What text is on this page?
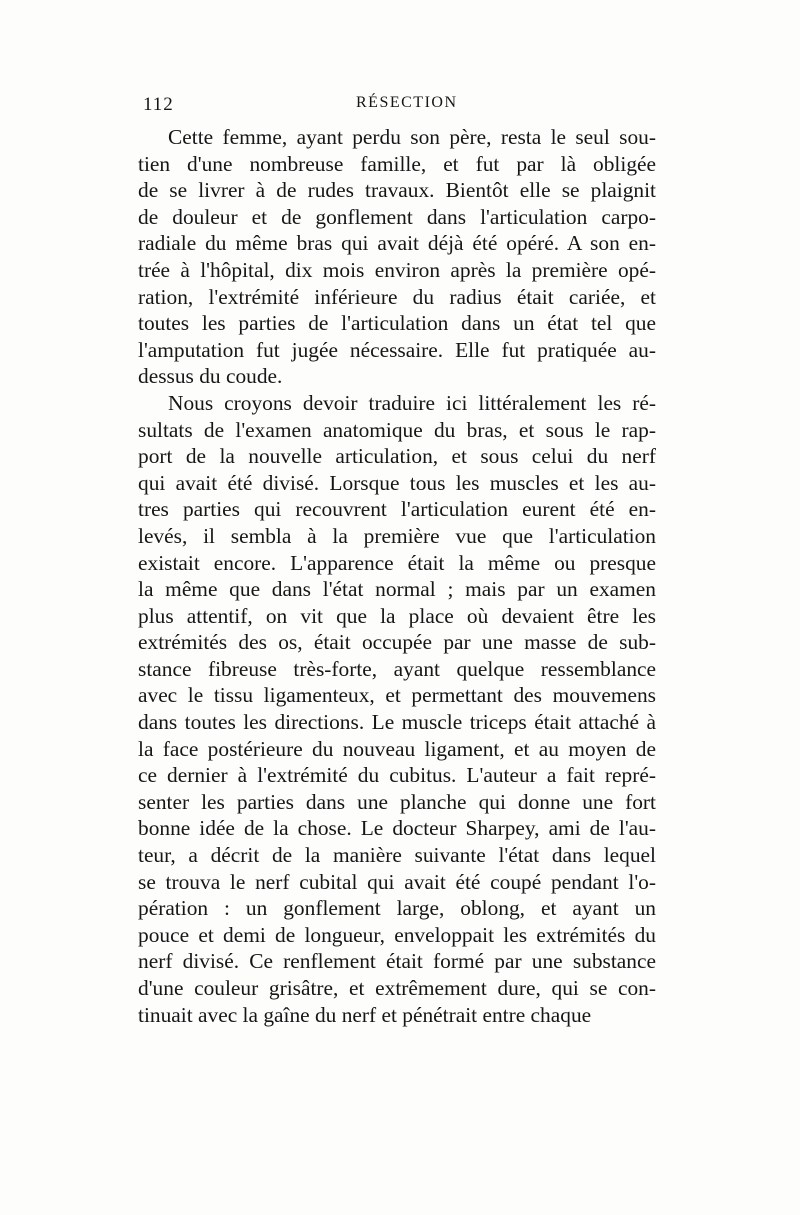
112	RÉSECTION
Cette femme, ayant perdu son père, resta le seul sou-
tien d'une nombreuse famille, et fut par là obligée
de se livrer à de rudes travaux. Bientôt elle se plaignit
de douleur et de gonflement dans l'articulation carpo-
radiale du même bras qui avait déjà été opéré. A son en-
trée à l'hôpital, dix mois environ après la première opé-
ration, l'extrémité inférieure du radius était cariée, et
toutes les parties de l'articulation dans un état tel que
l'amputation fut jugée nécessaire. Elle fut pratiquée au-
dessus du coude.
Nous croyons devoir traduire ici littéralement les ré-
sultats de l'examen anatomique du bras, et sous le rap-
port de la nouvelle articulation, et sous celui du nerf
qui avait été divisé. Lorsque tous les muscles et les au-
tres parties qui recouvrent l'articulation eurent été en-
levés, il sembla à la première vue que l'articulation
existait encore. L'apparence était la même ou presque
la même que dans l'état normal ; mais par un examen
plus attentif, on vit que la place où devaient être les
extrémités des os, était occupée par une masse de sub-
stance fibreuse très-forte, ayant quelque ressemblance
avec le tissu ligamenteux, et permettant des mouvemens
dans toutes les directions. Le muscle triceps était attaché à
la face postérieure du nouveau ligament, et au moyen de
ce dernier à l'extrémité du cubitus. L'auteur a fait repré-
senter les parties dans une planche qui donne une fort
bonne idée de la chose. Le docteur Sharpey, ami de l'au-
teur, a décrit de la manière suivante l'état dans lequel
se trouva le nerf cubital qui avait été coupé pendant l'o-
pération : un gonflement large, oblong, et ayant un
pouce et demi de longueur, enveloppait les extrémités du
nerf divisé. Ce renflement était formé par une substance
d'une couleur grisâtre, et extrêmement dure, qui se con-
tinuait avec la gaîne du nerf et pénétrait entre chaque
